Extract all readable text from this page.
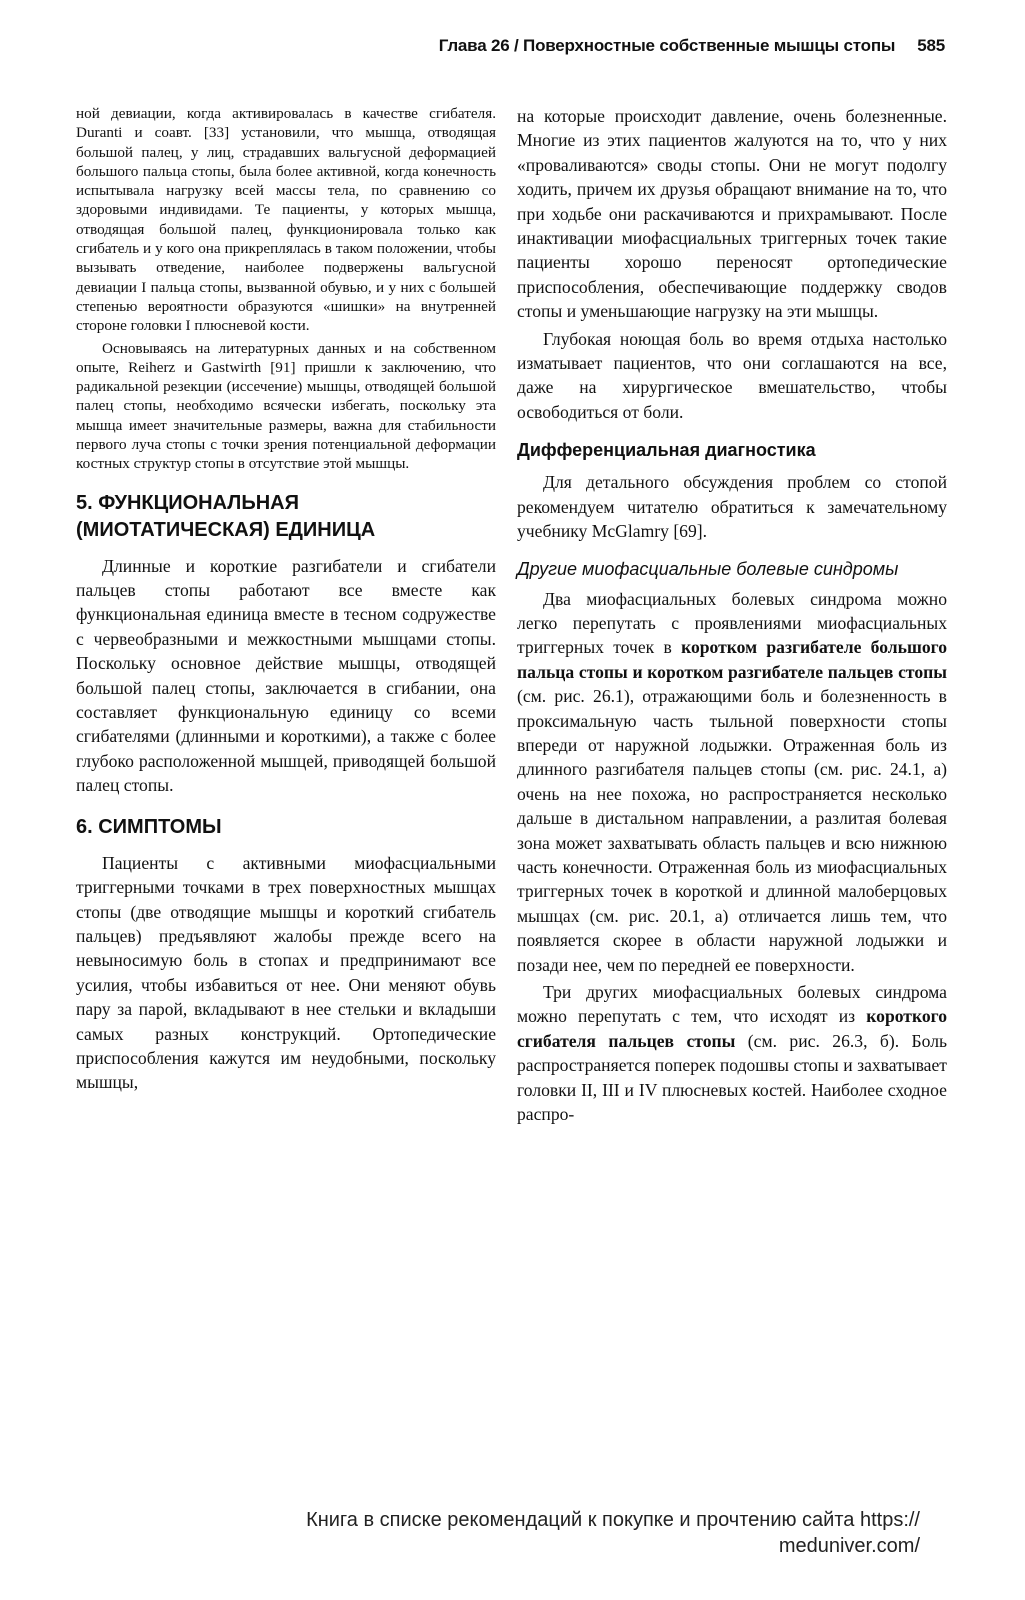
Глава 26 / Поверхностные собственные мышцы стопы 585

ной девиации, когда активировалась в качестве сгибателя. Duranti и соавт. [33] установили, что мышца, отводящая большой палец, у лиц, страдавших вальгусной деформацией большого пальца стопы, была более активной, когда конечность испытывала нагрузку всей массы тела, по сравнению со здоровыми индивидами. Те пациенты, у которых мышца, отводящая большой палец, функционировала только как сгибатель и у кого она прикреплялась в таком положении, чтобы вызывать отведение, наиболее подвержены вальгусной девиации I пальца стопы, вызванной обувью, и у них с большей степенью вероятности образуются «шишки» на внутренней стороне головки I плюсневой кости.

Основываясь на литературных данных и на собственном опыте, Reiherz и Gastwirth [91] пришли к заключению, что радикальной резекции (иссечение) мышцы, отводящей большой палец стопы, необходимо всячески избегать, поскольку эта мышца имеет значительные размеры, важна для стабильности первого луча стопы с точки зрения потенциальной деформации костных структур стопы в отсутствие этой мышцы.

5. ФУНКЦИОНАЛЬНАЯ (МИОТАТИЧЕСКАЯ) ЕДИНИЦА

Длинные и короткие разгибатели и сгибатели пальцев стопы работают все вместе как функциональная единица вместе в тесном содружестве с червеобразными и межкостными мышцами стопы. Поскольку основное действие мышцы, отводящей большой палец стопы, заключается в сгибании, она составляет функциональную единицу со всеми сгибателями (длинными и короткими), а также с более глубоко расположенной мышцей, приводящей большой палец стопы.

6. СИМПТОМЫ

Пациенты с активными миофасциальными триггерными точками в трех поверхностных мышцах стопы (две отводящие мышцы и короткий сгибатель пальцев) предъявляют жалобы прежде всего на невыносимую боль в стопах и предпринимают все усилия, чтобы избавиться от нее. Они меняют обувь пару за парой, вкладывают в нее стельки и вкладыши самых разных конструкций. Ортопедические приспособления кажутся им неудобными, поскольку мышцы,

на которые происходит давление, очень болезненные. Многие из этих пациентов жалуются на то, что у них «проваливаются» своды стопы. Они не могут подолгу ходить, причем их друзья обращают внимание на то, что при ходьбе они раскачиваются и прихрамывают. После инактивации миофасциальных триггерных точек такие пациенты хорошо переносят ортопедические приспособления, обеспечивающие поддержку сводов стопы и уменьшающие нагрузку на эти мышцы.

Глубокая ноющая боль во время отдыха настолько изматывает пациентов, что они соглашаются на все, даже на хирургическое вмешательство, чтобы освободиться от боли.

Дифференциальная диагностика

Для детального обсуждения проблем со стопой рекомендуем читателю обратиться к замечательному учебнику McGlamry [69].

Другие миофасциальные болевые синдромы

Два миофасциальных болевых синдрома можно легко перепутать с проявлениями миофасциальных триггерных точек в коротком разгибателе большого пальца стопы и коротком разгибателе пальцев стопы (см. рис. 26.1), отражающими боль и болезненность в проксимальную часть тыльной поверхности стопы впереди от наружной лодыжки. Отраженная боль из длинного разгибателя пальцев стопы (см. рис. 24.1, а) очень на нее похожа, но распространяется несколько дальше в дистальном направлении, а разлитая болевая зона может захватывать область пальцев и всю нижнюю часть конечности. Отраженная боль из миофасциальных триггерных точек в короткой и длинной малоберцовых мышцах (см. рис. 20.1, а) отличается лишь тем, что появляется скорее в области наружной лодыжки и позади нее, чем по передней ее поверхности.

Три других миофасциальных болевых синдрома можно перепутать с тем, что исходят из короткого сгибателя пальцев стопы (см. рис. 26.3, б). Боль распространяется поперек подошвы стопы и захватывает головки II, III и IV плюсневых костей. Наиболее сходное распро-

Книга в списке рекомендаций к покупке и прочтению сайта https:// meduniver.com/
